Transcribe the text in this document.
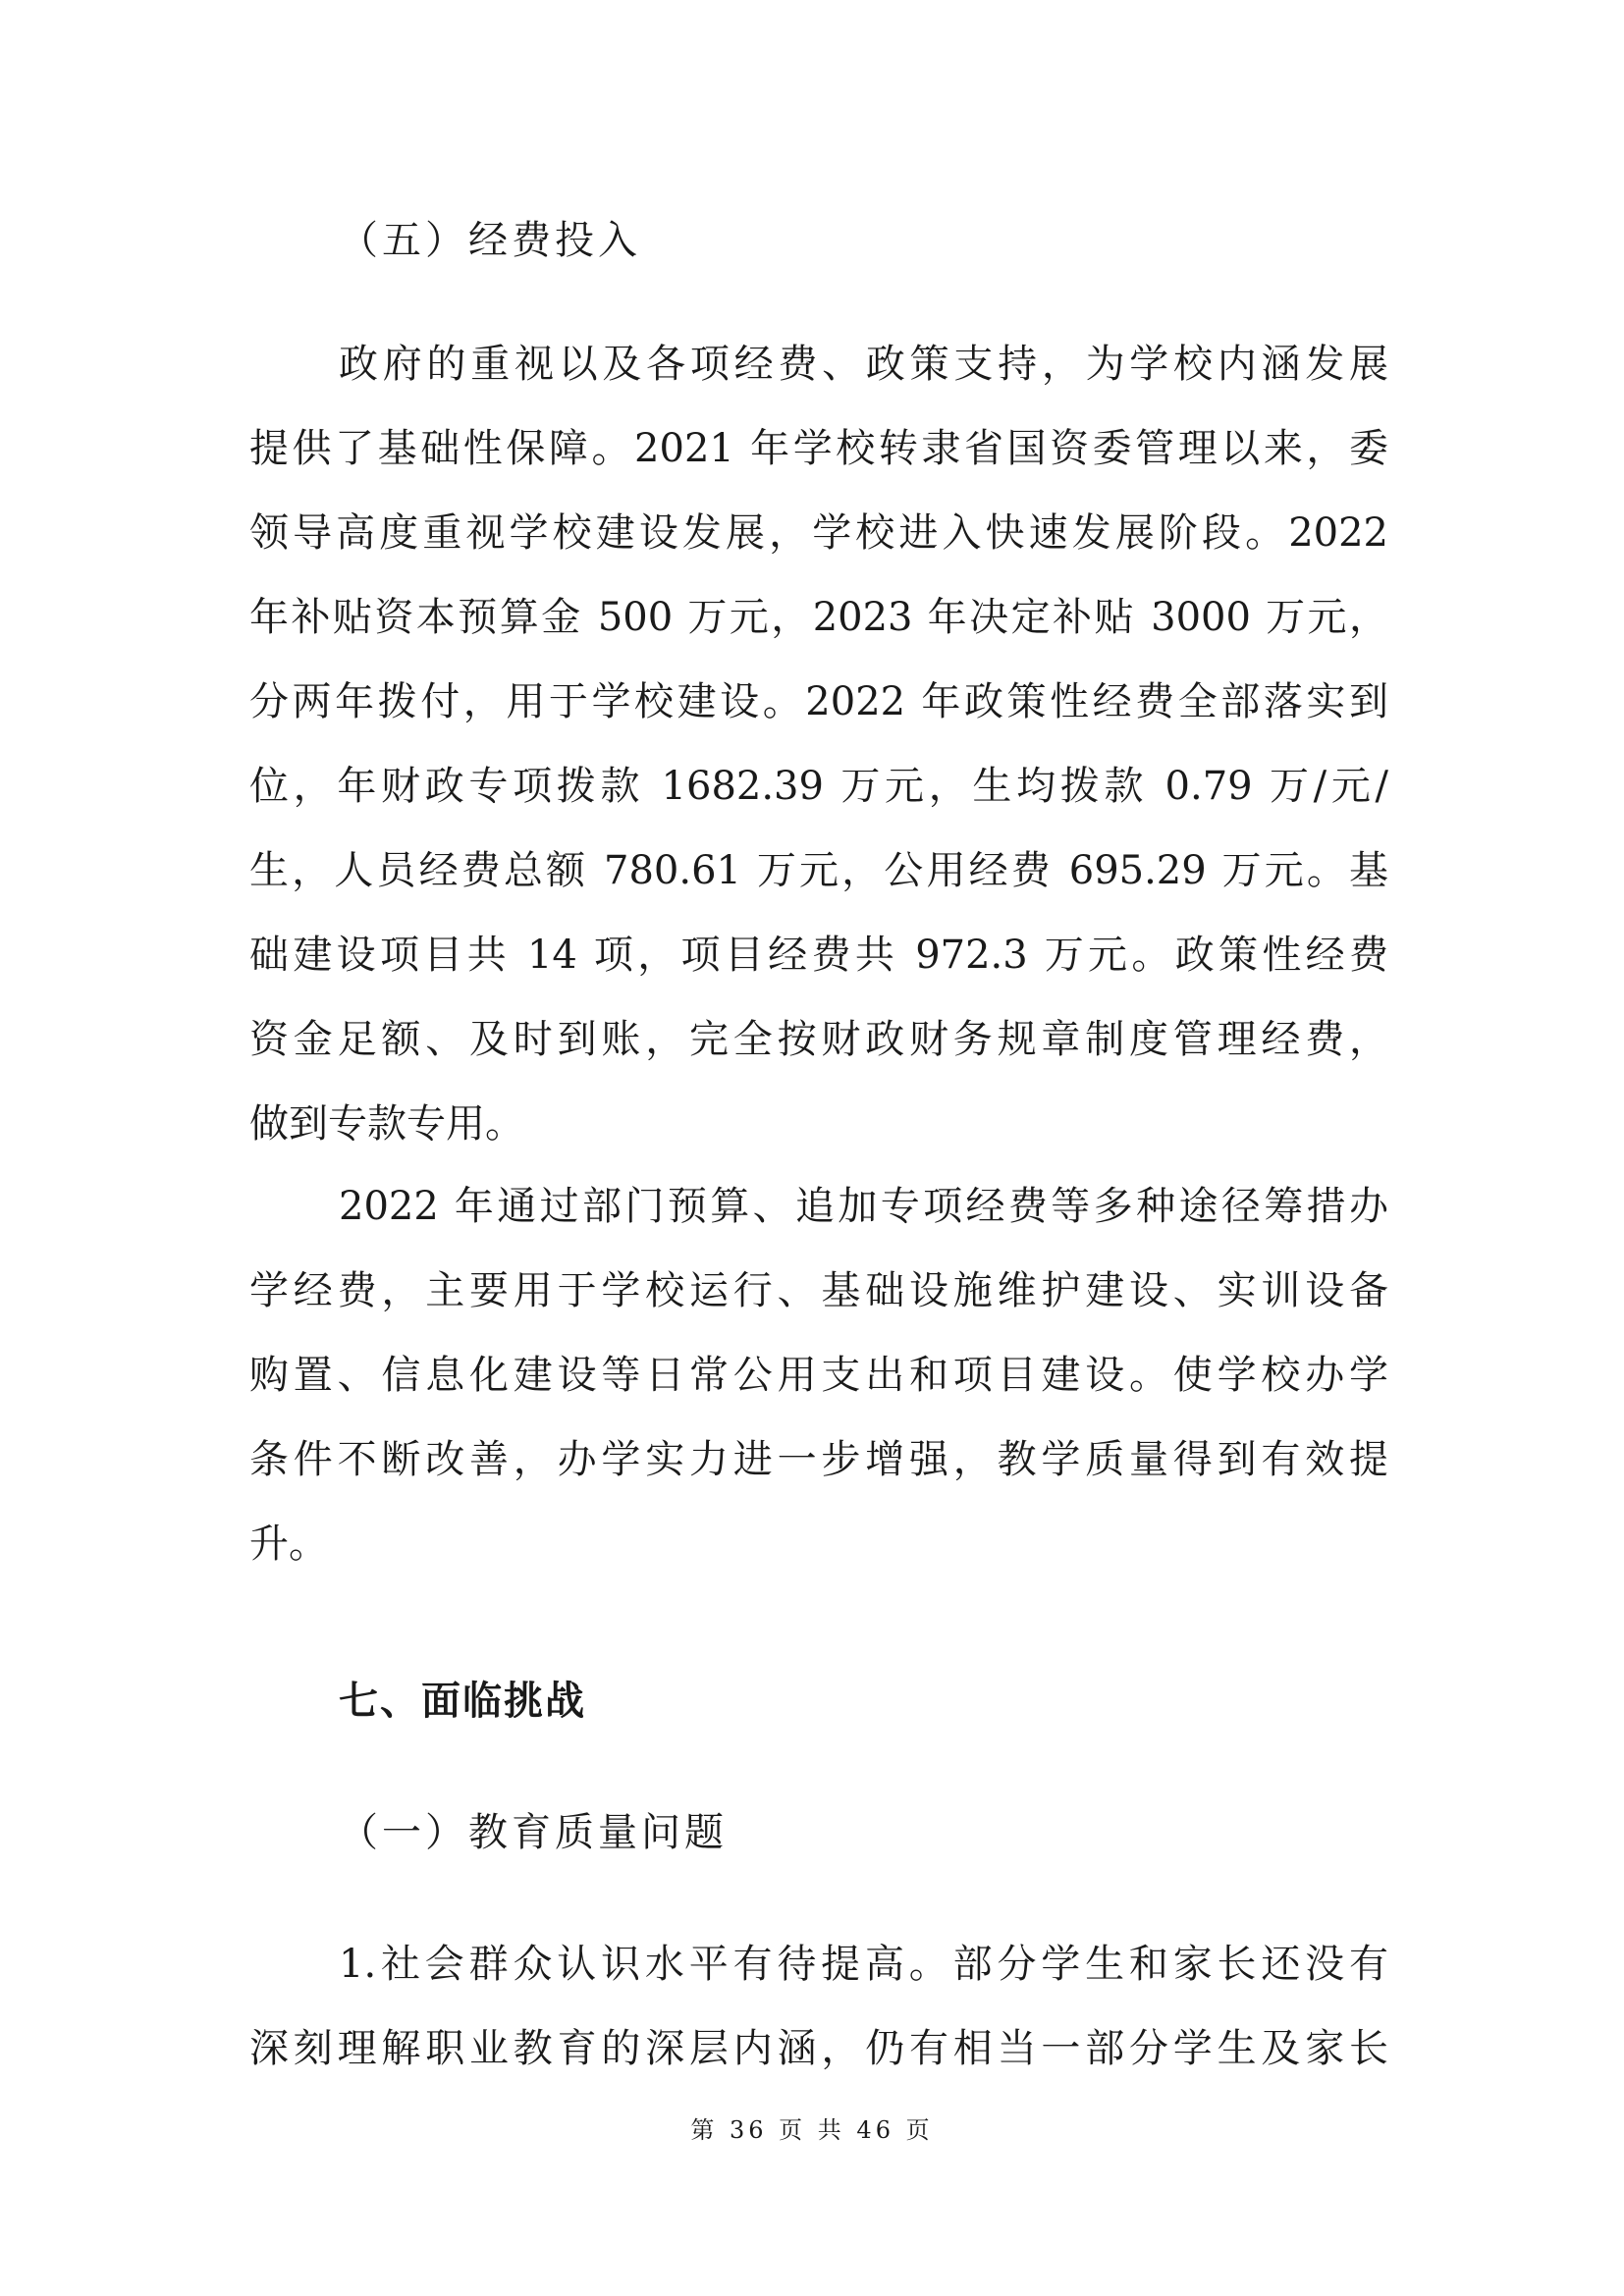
（五）经费投入
政府的重视以及各项经费、政策支持，为学校内涵发展
提供了基础性保障。2021 年学校转隶省国资委管理以来，委
领导高度重视学校建设发展，学校进入快速发展阶段。2022
年补贴资本预算金 500 万元，2023 年决定补贴 3000 万元，
分两年拨付，用于学校建设。2022 年政策性经费全部落实到
位，年财政专项拨款 1682.39 万元，生均拨款 0.79 万/元/
生，人员经费总额 780.61 万元，公用经费 695.29 万元。基
础建设项目共 14 项，项目经费共 972.3 万元。政策性经费
资金足额、及时到账，完全按财政财务规章制度管理经费，
做到专款专用。
2022 年通过部门预算、追加专项经费等多种途径筹措办
学经费，主要用于学校运行、基础设施维护建设、实训设备
购置、信息化建设等日常公用支出和项目建设。使学校办学
条件不断改善，办学实力进一步增强，教学质量得到有效提
升。
七、面临挑战
（一）教育质量问题
1.社会群众认识水平有待提高。部分学生和家长还没有
深刻理解职业教育的深层内涵，仍有相当一部分学生及家长
第 36 页 共 46 页
